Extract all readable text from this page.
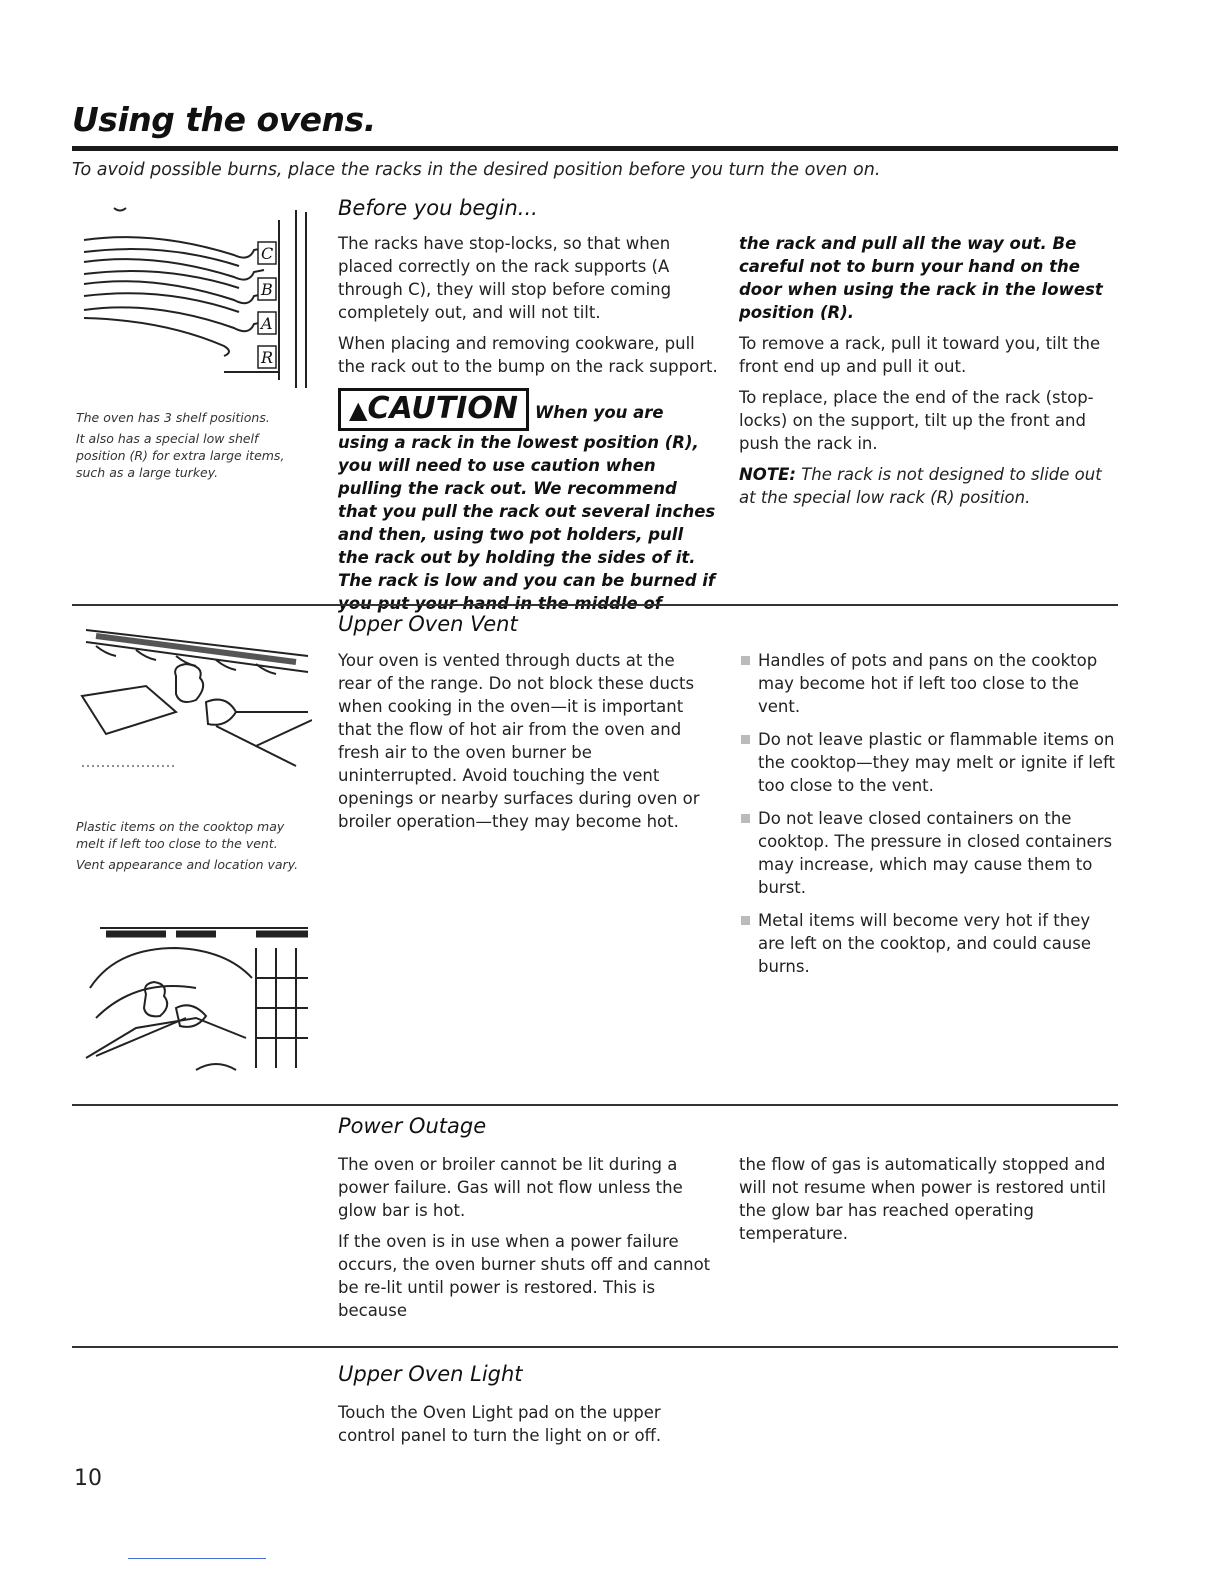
Using the ovens.

To avoid possible burns, place the racks in the desired position before you turn the oven on.

C
B
A
R

The oven has 3 shelf positions.

It also has a special low shelf position (R) for extra large items, such as a large turkey.

Before you begin...

The racks have stop-locks, so that when placed correctly on the rack supports (A through C), they will stop before coming completely out, and will not tilt.

When placing and removing cookware, pull the rack out to the bump on the rack support.

▲CAUTION When you are using a rack in the lowest position (R), you will need to use caution when pulling the rack out. We recommend that you pull the rack out several inches and then, using two pot holders, pull the rack out by holding the sides of it. The rack is low and you can be burned if

the rack and pull all the way out. Be careful not to burn your hand on the door when using the rack in the lowest position (R).

To remove a rack, pull it toward you, tilt the front end up and pull it out.

To replace, place the end of the rack (stop-locks) on the support, tilt up the front and push the rack in.

NOTE: The rack is not designed to slide out at the special low rack (R) position.

Plastic items on the cooktop may melt if left too close to the vent.

Vent appearance and location vary.

Upper Oven Vent

Your oven is vented through ducts at the rear of the range. Do not block these ducts when cooking in the oven—it is important that the flow of hot air from the oven and fresh air to the oven burner be uninterrupted. Avoid touching the vent openings or nearby surfaces during oven or broiler operation—they may become hot.

Handles of pots and pans on the cooktop may become hot if left too close to the vent.
Do not leave plastic or flammable items on the cooktop—they may melt or ignite if left too close to the vent.
Do not leave closed containers on the cooktop. The pressure in closed containers may increase, which may cause them to burst.
Metal items will become very hot if they are left on the cooktop, and could cause burns.
Power Outage

The oven or broiler cannot be lit during a power failure. Gas will not flow unless the glow bar is hot.

If the oven is in use when a power failure occurs, the oven burner shuts off and cannot be re-lit until power is restored. This is because

the flow of gas is automatically stopped and will not resume when power is restored until the glow bar has reached operating temperature.

Upper Oven Light

Touch the Oven Light pad on the upper control panel to turn the light on or off.

10
